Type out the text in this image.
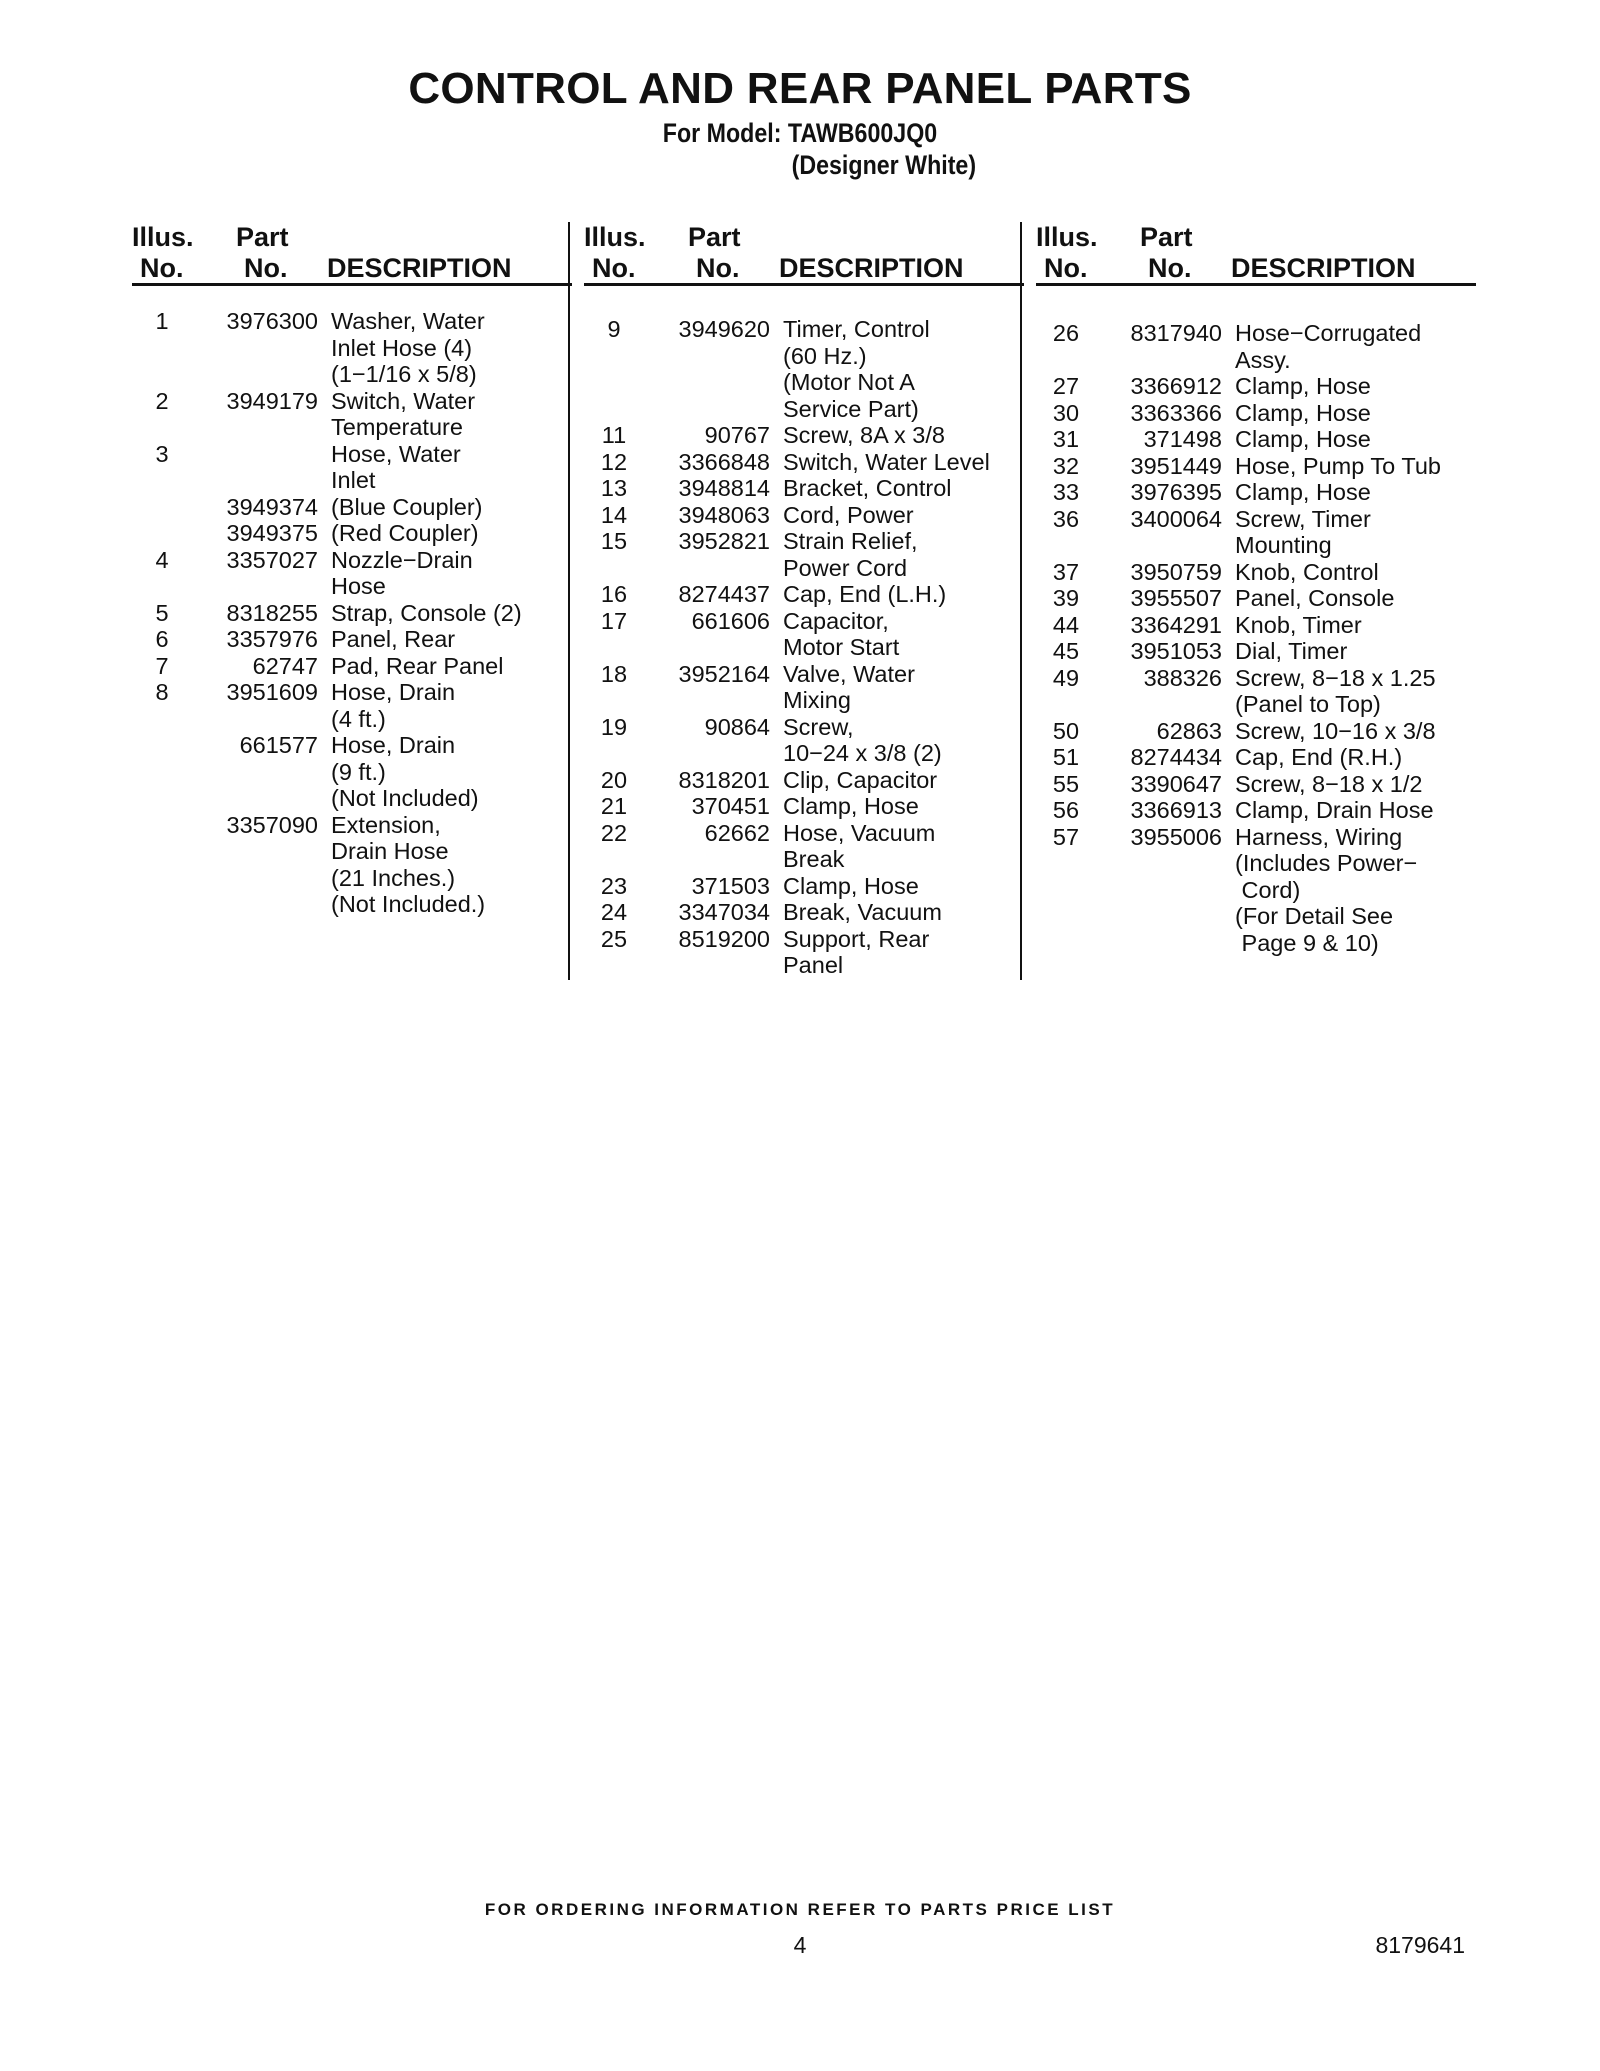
CONTROL AND REAR PANEL PARTS
For Model: TAWB600JQ0
(Designer White)
Illus.
No.
Part
No. DESCRIPTION
1	3976300 Washer, Water
Inlet Hose (4)
(1−1/16 x 5/8)
2	3949179 Switch, Water
Temperature
3	Hose, Water
Inlet
3949374 (Blue Coupler)
3949375 (Red Coupler)
4	3357027 Nozzle−Drain
Hose
5	8318255 Strap, Console (2)
6	3357976 Panel, Rear
7	62747 Pad, Rear Panel
8	3951609 Hose, Drain
(4 ft.)
661577 Hose, Drain
(9 ft.)
(Not Included)
3357090 Extension,
Drain Hose
(21 Inches.)
(Not Included.)
Illus.
No.
Part
No. DESCRIPTION
9	3949620 Timer, Control
(60 Hz.)
(Motor Not A
Service Part)
11	90767 Screw, 8A x 3/8
12	3366848 Switch, Water Level
13	3948814 Bracket, Control
14	3948063 Cord, Power
15	3952821 Strain Relief,
Power Cord
16	8274437 Cap, End (L.H.)
17	661606 Capacitor,
Motor Start
18	3952164 Valve, Water
Mixing
19	90864 Screw,
10−24 x 3/8 (2)
20	8318201 Clip, Capacitor
21	370451 Clamp, Hose
22	62662 Hose, Vacuum
Break
23	371503 Clamp, Hose
24	3347034 Break, Vacuum
25	8519200 Support, Rear
Panel
Illus.
No.
Part
No. DESCRIPTION
26	8317940 Hose−Corrugated
Assy.
27	3366912 Clamp, Hose
30	3363366 Clamp, Hose
31	371498 Clamp, Hose
32	3951449 Hose, Pump To Tub
33	3976395 Clamp, Hose
36	3400064 Screw, Timer
Mounting
37	3950759 Knob, Control
39	3955507 Panel, Console
44	3364291 Knob, Timer
45	3951053 Dial, Timer
49	388326 Screw, 8−18 x 1.25
(Panel to Top)
50	62863 Screw, 10−16 x 3/8
51	8274434 Cap, End (R.H.)
55	3390647 Screw, 8−18 x 1/2
56	3366913 Clamp, Drain Hose
57	3955006 Harness, Wiring
(Includes Power−
Cord)
(For Detail See
Page 9 & 10)
FOR ORDERING INFORMATION REFER TO PARTS PRICE LIST
4	8179641
